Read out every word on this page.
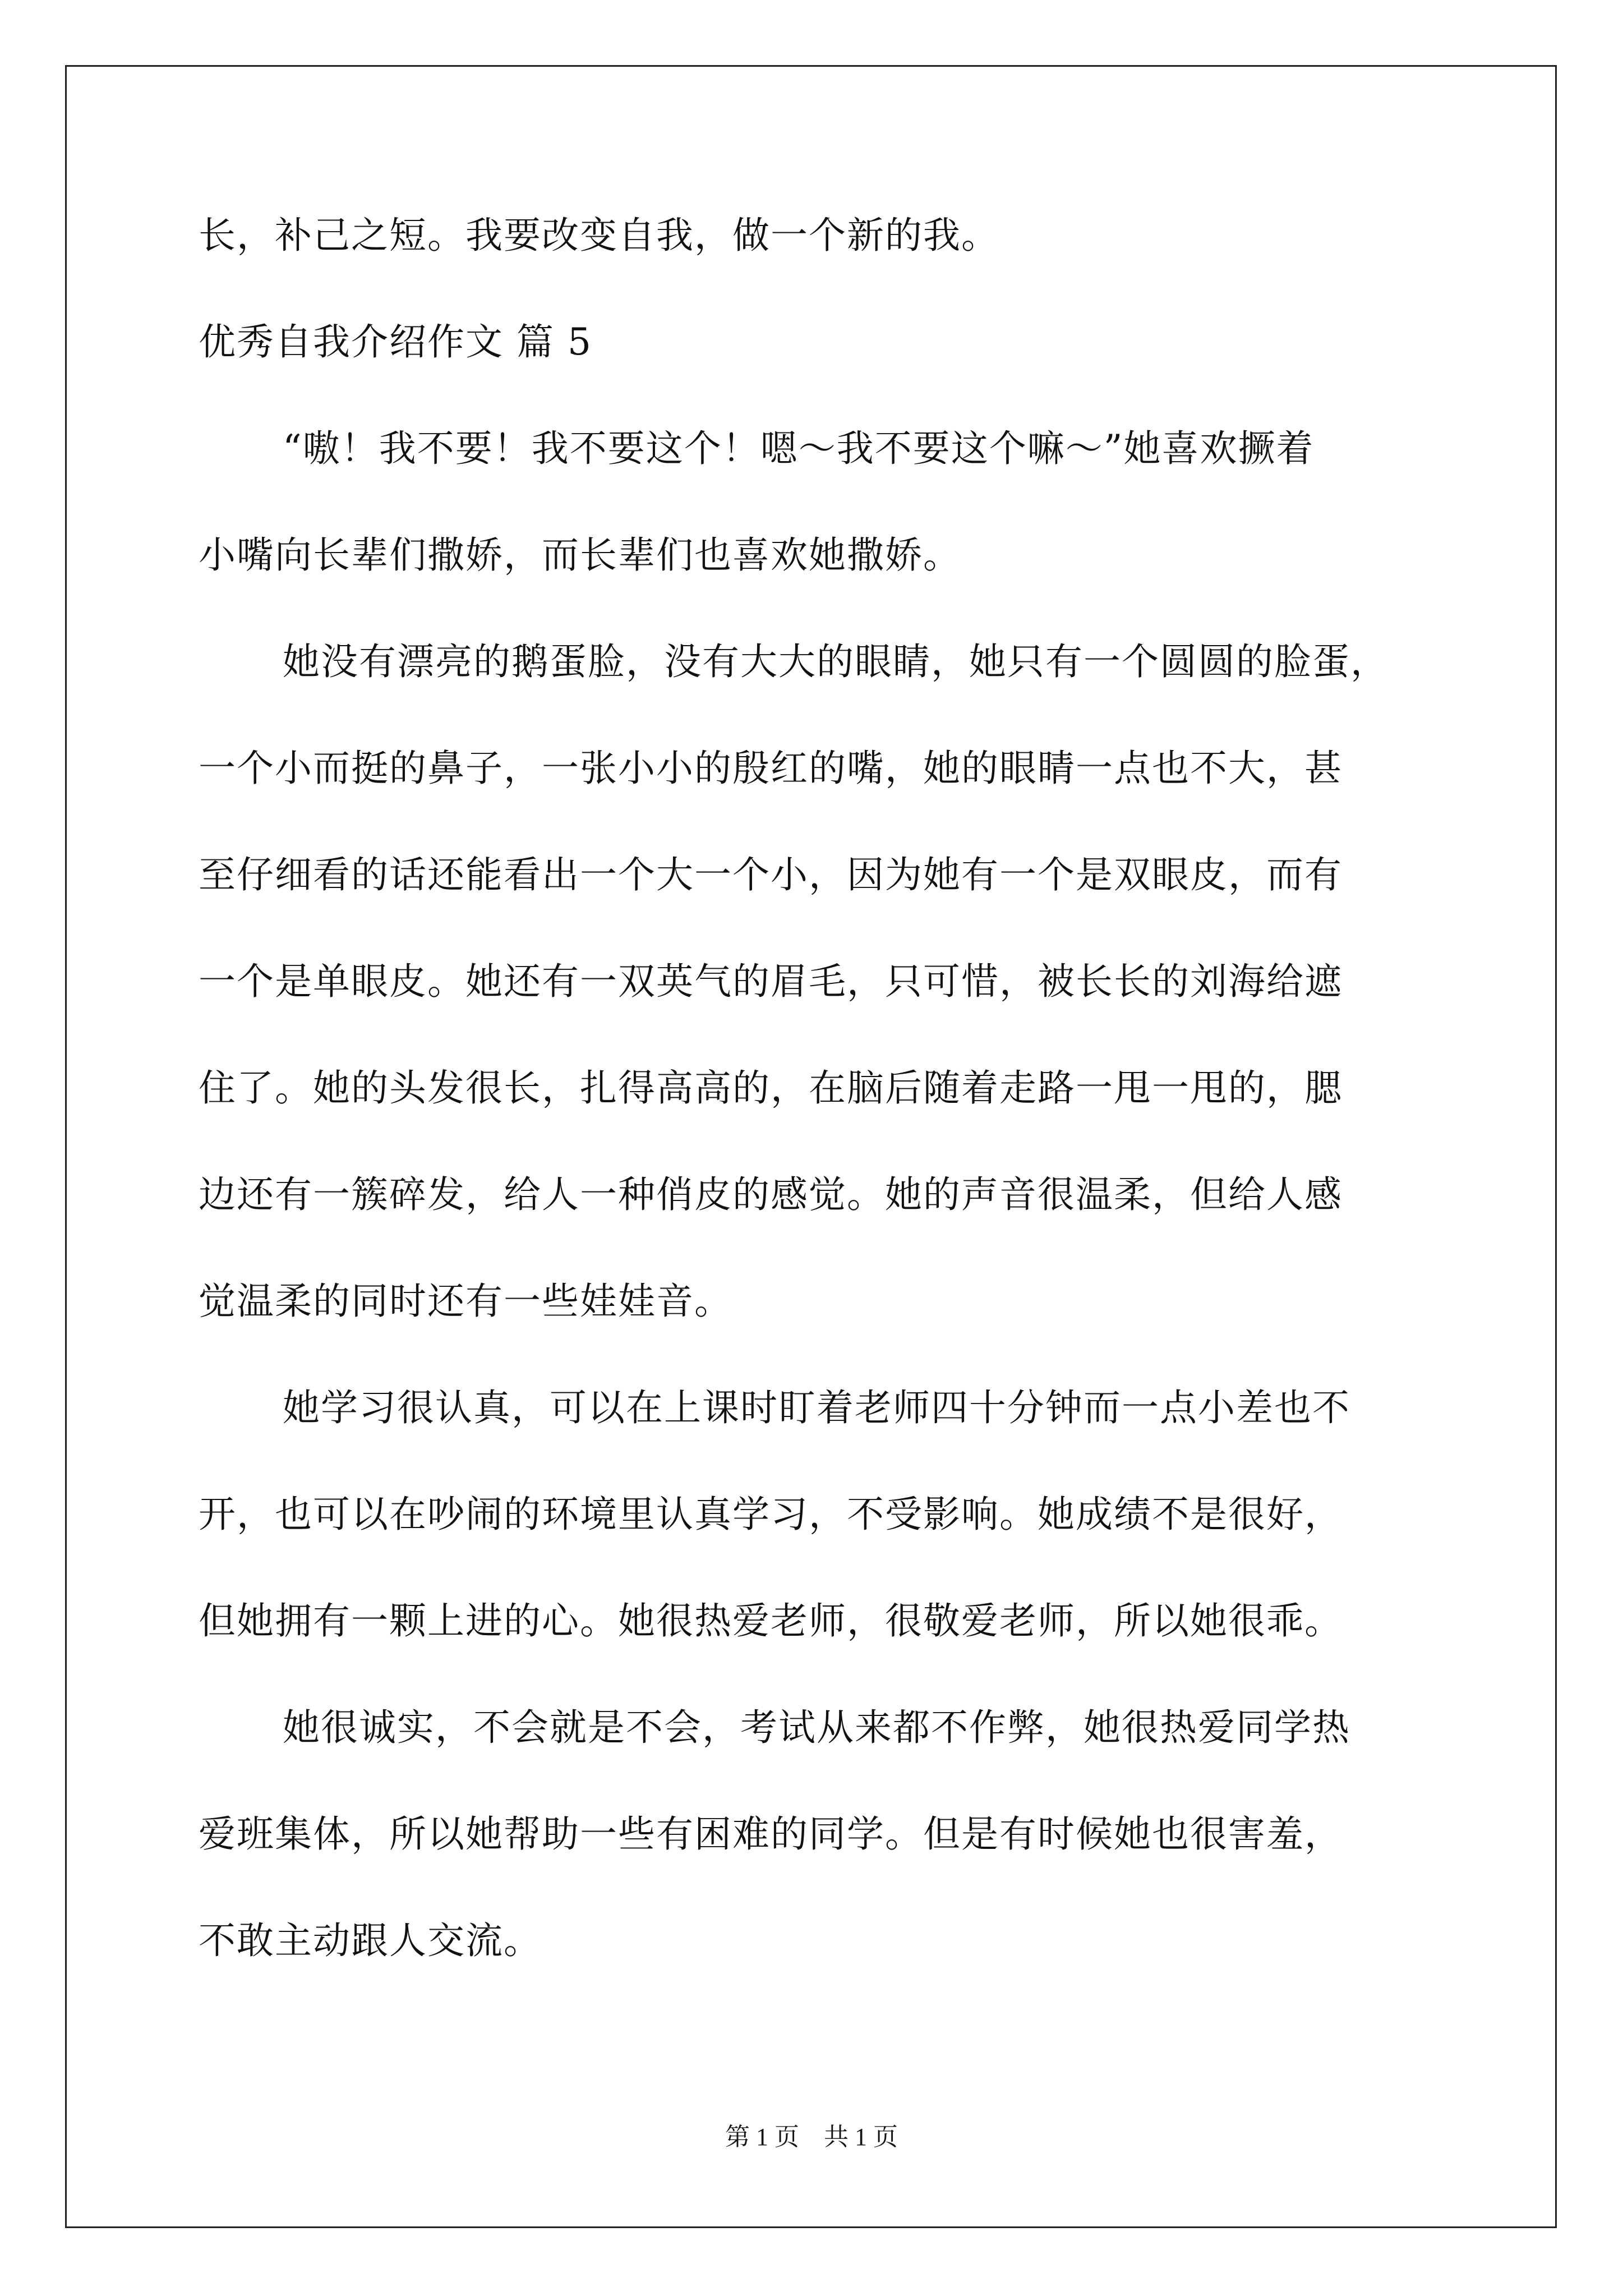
长，补己之短。我要改变自我，做一个新的我。
优秀自我介绍作文 篇 5
“嗷！我不要！我不要这个！嗯～我不要这个嘛～”她喜欢撅着
小嘴向长辈们撒娇，而长辈们也喜欢她撒娇。
她没有漂亮的鹅蛋脸，没有大大的眼睛，她只有一个圆圆的脸蛋，
一个小而挺的鼻子，一张小小的殷红的嘴，她的眼睛一点也不大，甚
至仔细看的话还能看出一个大一个小，因为她有一个是双眼皮，而有
一个是单眼皮。她还有一双英气的眉毛，只可惜，被长长的刘海给遮
住了。她的头发很长，扎得高高的，在脑后随着走路一甩一甩的，腮
边还有一簇碎发，给人一种俏皮的感觉。她的声音很温柔，但给人感
觉温柔的同时还有一些娃娃音。
她学习很认真，可以在上课时盯着老师四十分钟而一点小差也不
开，也可以在吵闹的环境里认真学习，不受影响。她成绩不是很好，
但她拥有一颗上进的心。她很热爱老师，很敬爱老师，所以她很乖。
她很诚实，不会就是不会，考试从来都不作弊，她很热爱同学热
爱班集体，所以她帮助一些有困难的同学。但是有时候她也很害羞，
不敢主动跟人交流。
第 1 页　共 1 页
